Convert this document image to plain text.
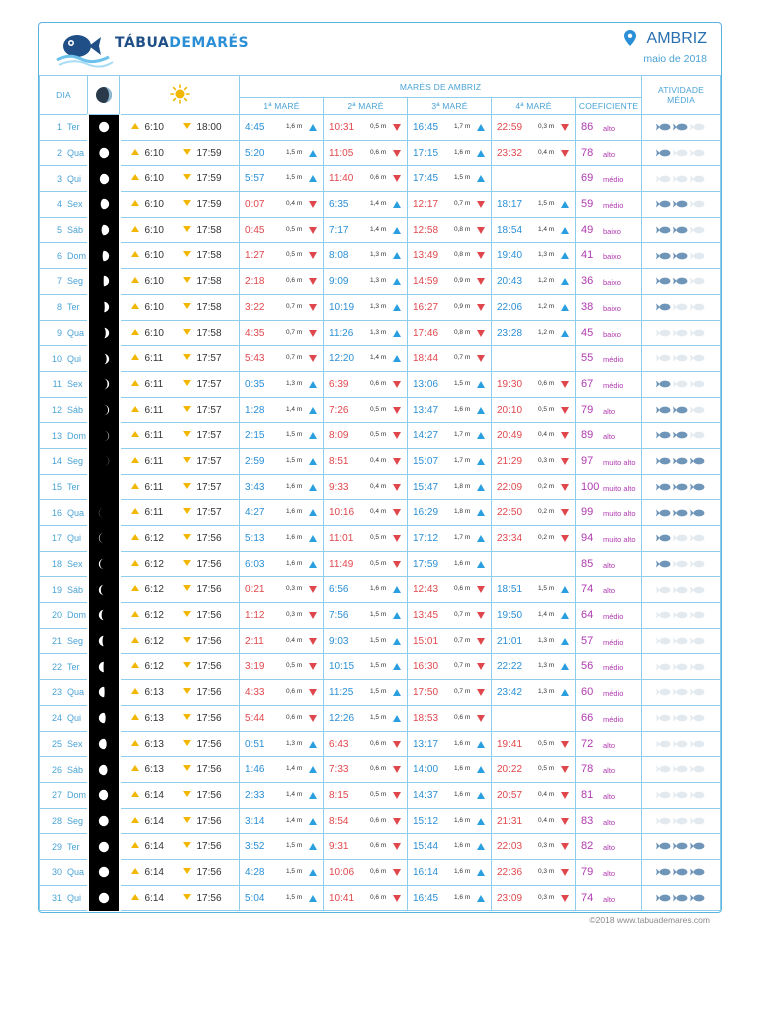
TÁBUADEMARÉS	AMBRIZ
maio de 2018
DIA			MARÉS DE AMBRIZ					ATIVIDADE MÉDIA
			1ª MARÉ	2ª MARÉ	3ª MARÉ	4ª MARÉ	COEFICIENTE	
1 Ter		6:10 18:00	4:45 1,6 m	10:31 0,5 m	16:45 1,7 m	22:59 0,3 m	86 alto

2 Qua		6:10 17:59	5:20 1,5 m	11:05 0,6 m	17:15 1,6 m	23:32 0,4 m	78 alto

3 Qui		6:10 17:59	5:57 1,5 m	11:40 0,6 m	17:45 1,5 m		69 médio

4 Sex		6:10 17:59	0:07 0,4 m	6:35 1,4 m	12:17 0,7 m	18:17 1,5 m	59 médio

5 Sáb		6:10 17:58	0:45 0,5 m	7:17 1,4 m	12:58 0,8 m	18:54 1,4 m	49 baixo

6 Dom		6:10 17:58	1:27 0,5 m	8:08 1,3 m	13:49 0,8 m	19:40 1,3 m	41 baixo

7 Seg		6:10 17:58	2:18 0,6 m	9:09 1,3 m	14:59 0,9 m	20:43 1,2 m	36 baixo

8 Ter		6:10 17:58	3:22 0,7 m	10:19 1,3 m	16:27 0,9 m	22:06 1,2 m	38 baixo

9 Qua		6:10 17:58	4:35 0,7 m	11:26 1,3 m	17:46 0,8 m	23:28 1,2 m	45 baixo

10 Qui		6:11 17:57	5:43 0,7 m	12:20 1,4 m	18:44 0,7 m		55 médio

11 Sex		6:11 17:57	0:35 1,3 m	6:39 0,6 m	13:06 1,5 m	19:30 0,6 m	67 médio

12 Sáb		6:11 17:57	1:28 1,4 m	7:26 0,5 m	13:47 1,6 m	20:10 0,5 m	79 alto

13 Dom		6:11 17:57	2:15 1,5 m	8:09 0,5 m	14:27 1,7 m	20:49 0,4 m	89 alto

14 Seg		6:11 17:57	2:59 1,5 m	8:51 0,4 m	15:07 1,7 m	21:29 0,3 m	97 muito alto

15 Ter		6:11 17:57	3:43 1,6 m	9:33 0,4 m	15:47 1,8 m	22:09 0,2 m	100 muito alto

16 Qua		6:11 17:57	4:27 1,6 m	10:16 0,4 m	16:29 1,8 m	22:50 0,2 m	99 muito alto

17 Qui		6:12 17:56	5:13 1,6 m	11:01 0,5 m	17:12 1,7 m	23:34 0,2 m	94 muito alto

18 Sex		6:12 17:56	6:03 1,6 m	11:49 0,5 m	17:59 1,6 m		85 alto

19 Sáb		6:12 17:56	0:21 0,3 m	6:56 1,6 m	12:43 0,6 m	18:51 1,5 m	74 alto

20 Dom		6:12 17:56	1:12 0,3 m	7:56 1,5 m	13:45 0,7 m	19:50 1,4 m	64 médio

21 Seg		6:12 17:56	2:11 0,4 m	9:03 1,5 m	15:01 0,7 m	21:01 1,3 m	57 médio

22 Ter		6:12 17:56	3:19 0,5 m	10:15 1,5 m	16:30 0,7 m	22:22 1,3 m	56 médio

23 Qua		6:13 17:56	4:33 0,6 m	11:25 1,5 m	17:50 0,7 m	23:42 1,3 m	60 médio

24 Qui		6:13 17:56	5:44 0,6 m	12:26 1,5 m	18:53 0,6 m		66 médio

25 Sex		6:13 17:56	0:51 1,3 m	6:43 0,6 m	13:17 1,6 m	19:41 0,5 m	72 alto

26 Sáb		6:13 17:56	1:46 1,4 m	7:33 0,6 m	14:00 1,6 m	20:22 0,5 m	78 alto

27 Dom		6:14 17:56	2:33 1,4 m	8:15 0,5 m	14:37 1,6 m	20:57 0,4 m	81 alto

28 Seg		6:14 17:56	3:14 1,4 m	8:54 0,6 m	15:12 1,6 m	21:31 0,4 m	83 alto

29 Ter		6:14 17:56	3:52 1,5 m	9:31 0,6 m	15:44 1,6 m	22:03 0,3 m	82 alto

30 Qua		6:14 17:56	4:28 1,5 m	10:06 0,6 m	16:14 1,6 m	22:36 0,3 m	79 alto

31 Qui		6:14 17:56	5:04 1,5 m	10:41 0,6 m	16:45 1,6 m	23:09 0,3 m	74 alto

©2018 www.tabuademares.com
